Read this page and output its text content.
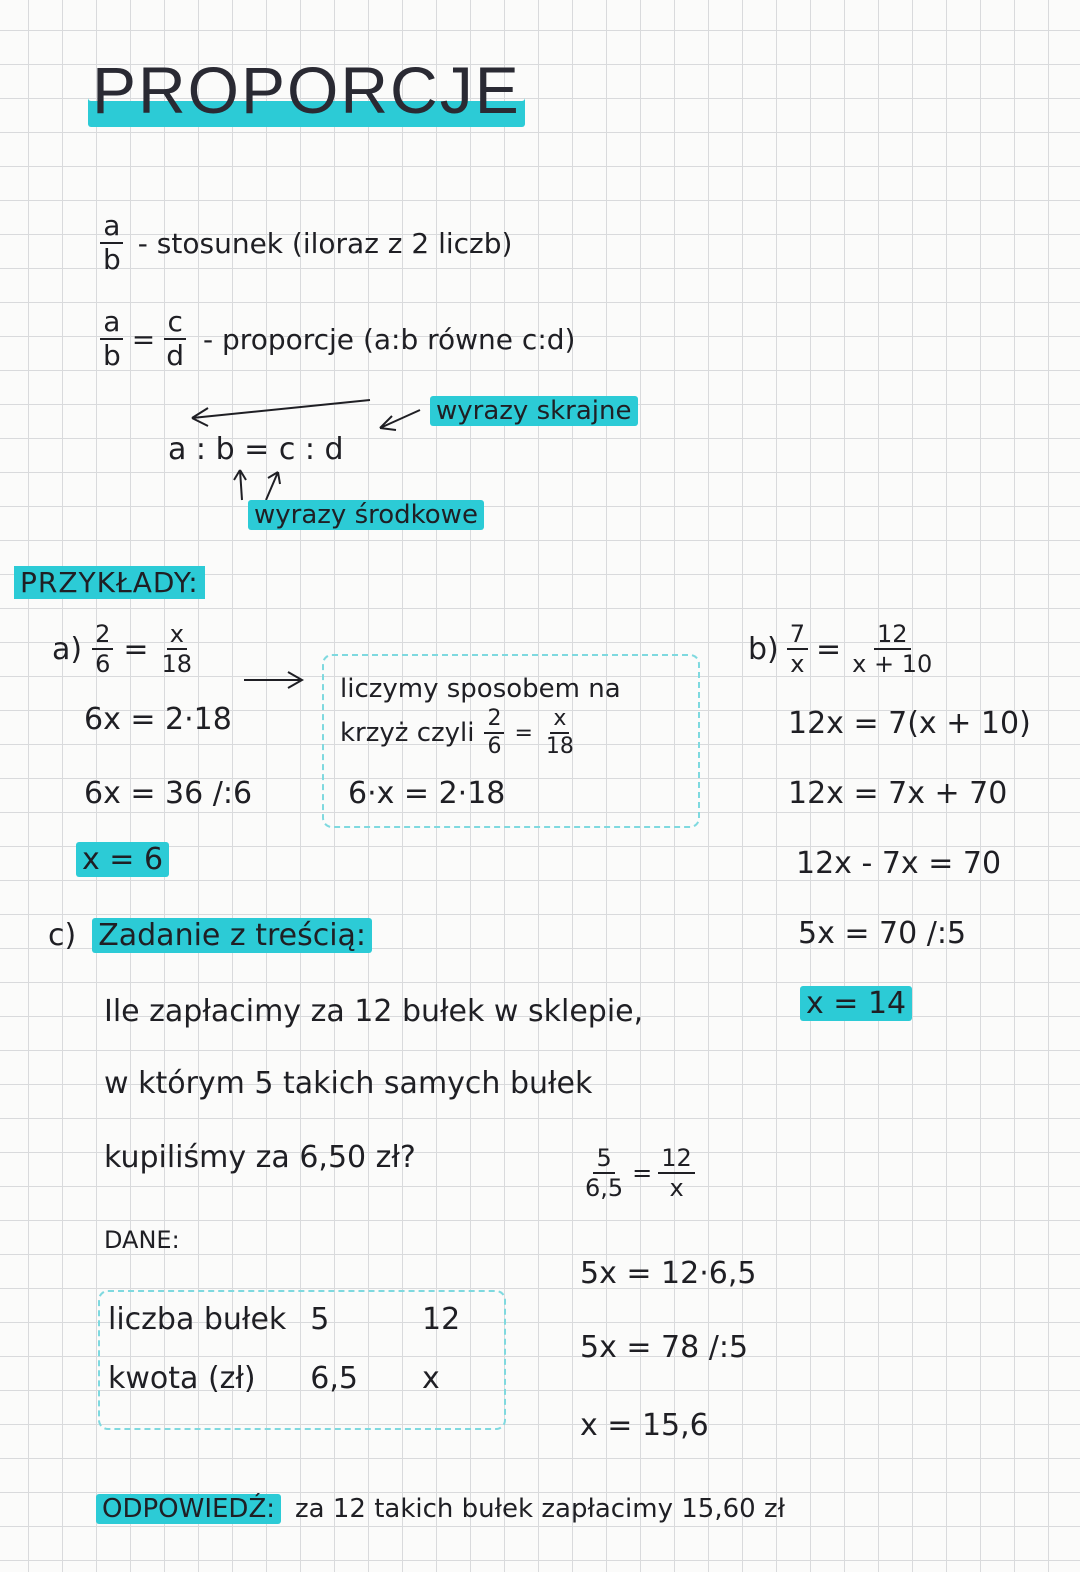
PROPORCJE
$\frac{a}{b}$ - stosunek (iloraz z 2 liczb)
$\frac{a}{b} = \frac{c}{d}$ - proporcje (a:b równe c:d)
a : b = c : d
wyrazy skrajne
wyrazy środkowe
PRZYKŁADY:
$a) \frac{2}{6} = \frac{x}{18}$
6x = 2·18
6x = 36 /:6
x = 6
liczymy sposobem na
krzyż czyli $\frac{2}{6} = \frac{x}{18}$
6·x = 2·18
$b) \frac{7}{x} = \frac{12}{x + 10}$
12x = 7(x + 10)
12x = 7x + 70
12x - 7x = 70
5x = 70 /:5
x = 14
c) Zadanie z treścią:
Ile zapłacimy za 12 bułek w sklepie,
w którym 5 takich samych bułek
kupiliśmy za 6,50 zł?
DANE:
liczba bułek	5	12
kwota (zł)	6,5	x
$\frac{5}{6,5} = \frac{12}{x}$
5x = 12·6,5
5x = 78 /:5
x = 15,6
ODPOWIEDŹ: za 12 takich bułek zapłacimy 15,60 zł
